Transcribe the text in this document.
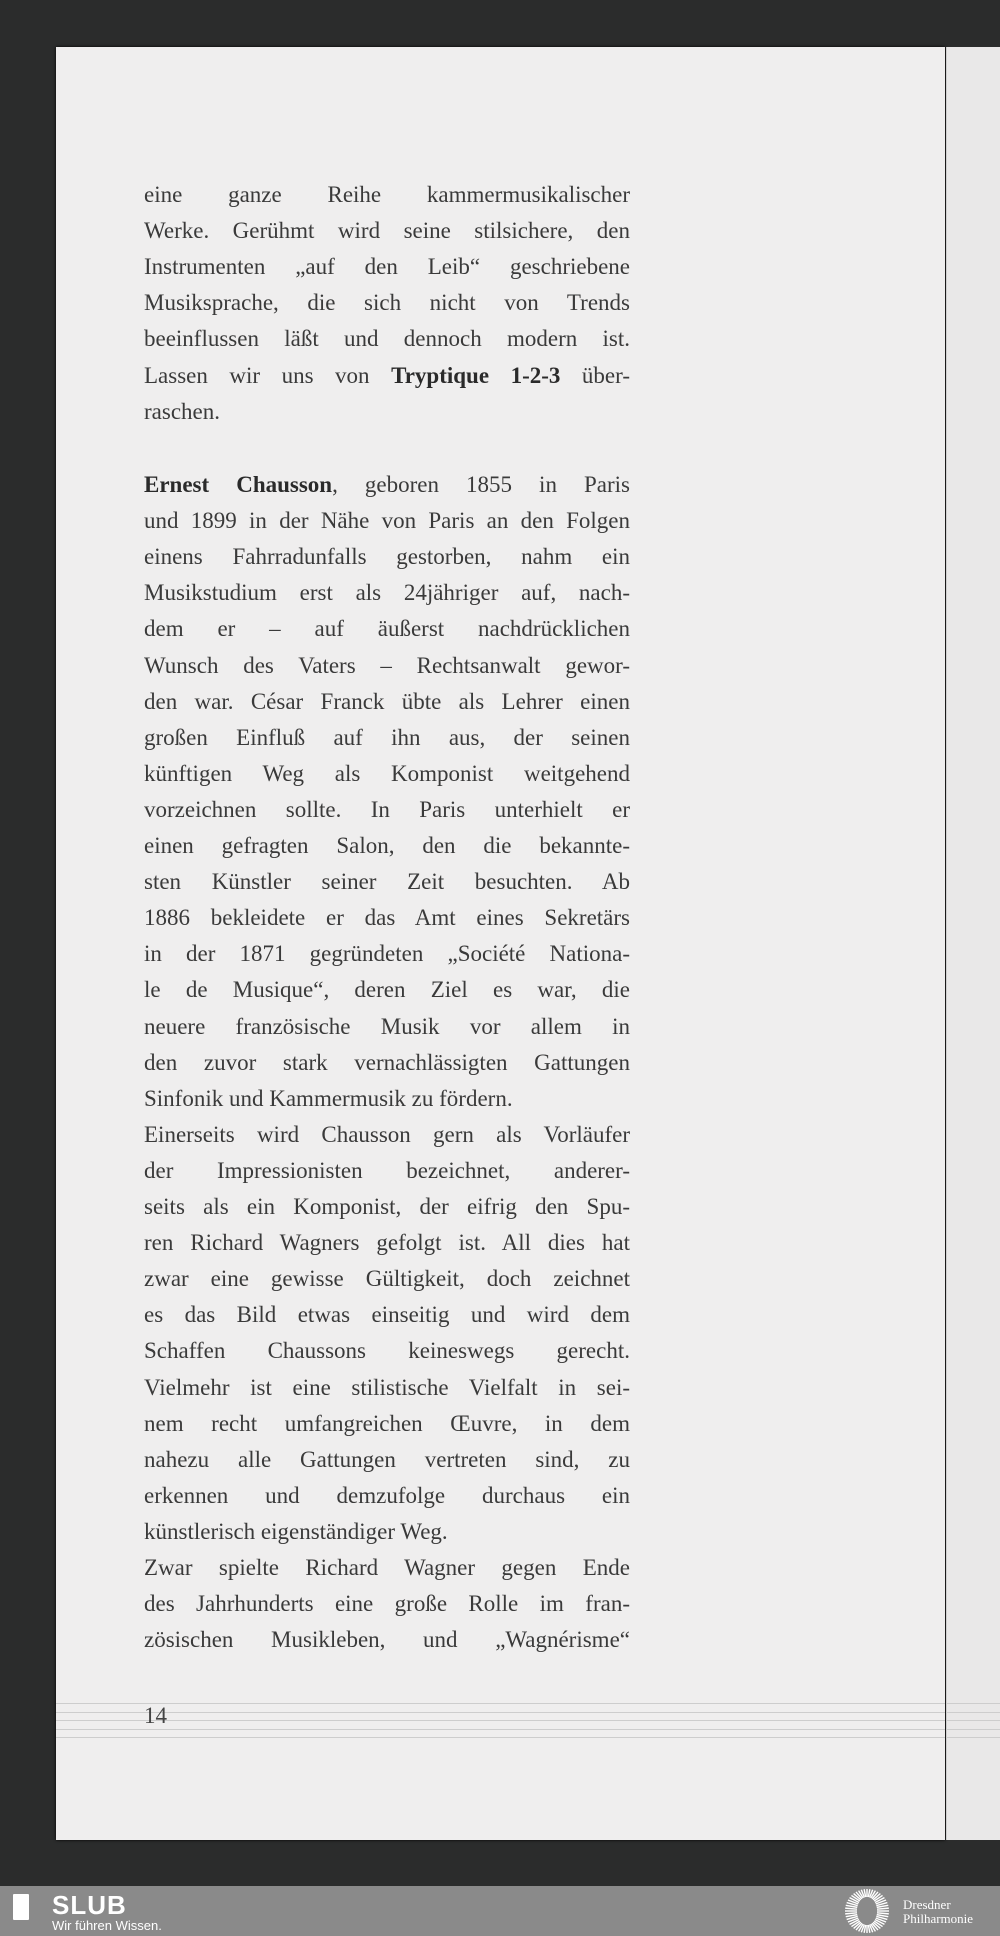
eine ganze Reihe kammermusikalischer
Werke. Gerühmt wird seine stilsichere, den
Instrumenten „auf den Leib“ geschriebene
Musiksprache, die sich nicht von Trends
beeinflussen läßt und dennoch modern ist.
Lassen wir uns von Tryptique 1-2-3 über-
raschen.
Ernest Chausson, geboren 1855 in Paris
und 1899 in der Nähe von Paris an den Folgen
einens Fahrradunfalls gestorben, nahm ein
Musikstudium erst als 24jähriger auf, nach-
dem er – auf äußerst nachdrücklichen
Wunsch des Vaters – Rechtsanwalt gewor-
den war. César Franck übte als Lehrer einen
großen Einfluß auf ihn aus, der seinen
künftigen Weg als Komponist weitgehend
vorzeichnen sollte. In Paris unterhielt er
einen gefragten Salon, den die bekannte-
sten Künstler seiner Zeit besuchten. Ab
1886 bekleidete er das Amt eines Sekretärs
in der 1871 gegründeten „Société Nationa-
le de Musique“, deren Ziel es war, die
neuere französische Musik vor allem in
den zuvor stark vernachlässigten Gattungen
Sinfonik und Kammermusik zu fördern.
Einerseits wird Chausson gern als Vorläufer
der Impressionisten bezeichnet, anderer-
seits als ein Komponist, der eifrig den Spu-
ren Richard Wagners gefolgt ist. All dies hat
zwar eine gewisse Gültigkeit, doch zeichnet
es das Bild etwas einseitig und wird dem
Schaffen Chaussons keineswegs gerecht.
Vielmehr ist eine stilistische Vielfalt in sei-
nem recht umfangreichen Œuvre, in dem
nahezu alle Gattungen vertreten sind, zu
erkennen und demzufolge durchaus ein
künstlerisch eigenständiger Weg.
Zwar spielte Richard Wagner gegen Ende
des Jahrhunderts eine große Rolle im fran-
zösischen Musikleben, und „Wagnérisme“
14
SLUB
Wir führen Wissen.
Dresdner
Philharmonie
